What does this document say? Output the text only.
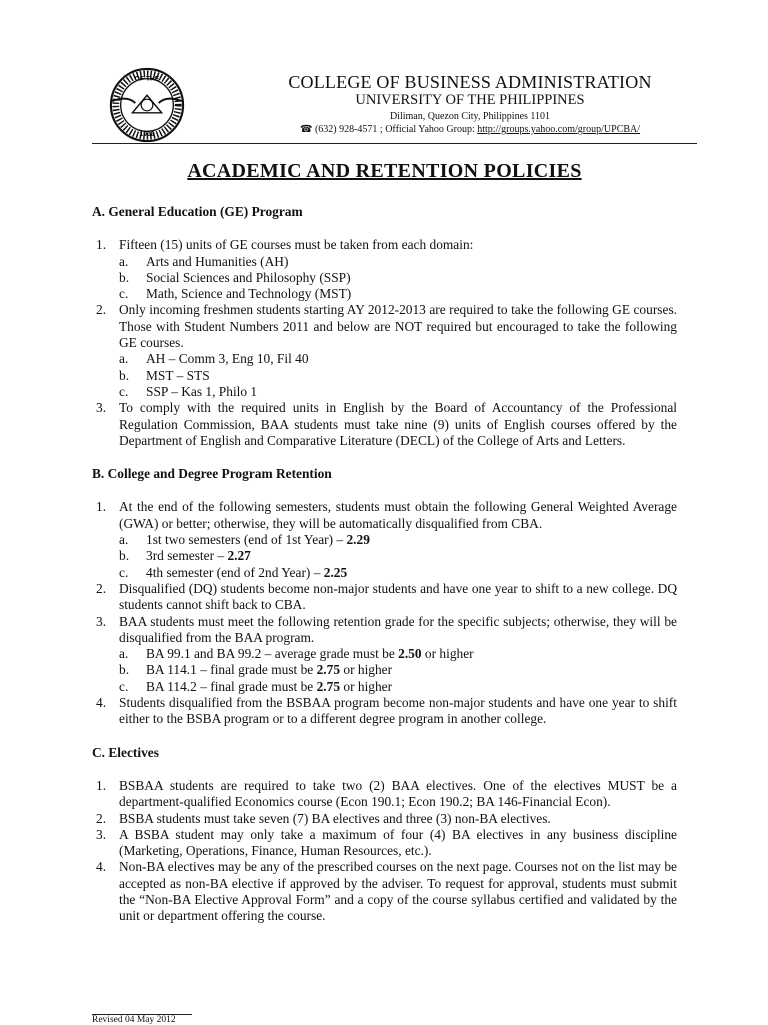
OF THE
1908
COLLEGE OF BUSINESS ADMINISTRATION
UNIVERSITY OF THE PHILIPPINES
Diliman, Quezon City, Philippines 1101
☎ (632) 928-4571 ; Official Yahoo Group: http://groups.yahoo.com/group/UPCBA/
ACADEMIC AND RETENTION POLICIES

A. General Education (GE) Program

1. Fifteen (15) units of GE courses must be taken from each domain:
a. Arts and Humanities (AH)
b. Social Sciences and Philosophy (SSP)
c. Math, Science and Technology (MST)
2. Only incoming freshmen students starting AY 2012-2013 are required to take the following GE courses. Those with Student Numbers 2011 and below are NOT required but encouraged to take the following GE courses.
a. AH – Comm 3, Eng 10, Fil 40
b. MST – STS
c. SSP – Kas 1, Philo 1
3. To comply with the required units in English by the Board of Accountancy of the Professional Regulation Commission, BAA students must take nine (9) units of English courses offered by the Department of English and Comparative Literature (DECL) of the College of Arts and Letters.

B. College and Degree Program Retention

1. At the end of the following semesters, students must obtain the following General Weighted Average (GWA) or better; otherwise, they will be automatically disqualified from CBA.
a. 1st two semesters (end of 1st Year) – 2.29
b. 3rd semester – 2.27
c. 4th semester (end of 2nd Year) – 2.25
2. Disqualified (DQ) students become non-major students and have one year to shift to a new college. DQ students cannot shift back to CBA.
3. BAA students must meet the following retention grade for the specific subjects; otherwise, they will be disqualified from the BAA program.
a. BA 99.1 and BA 99.2 – average grade must be 2.50 or higher
b. BA 114.1 – final grade must be 2.75 or higher
c. BA 114.2 – final grade must be 2.75 or higher
4. Students disqualified from the BSBAA program become non-major students and have one year to shift either to the BSBA program or to a different degree program in another college.

C. Electives

1. BSBAA students are required to take two (2) BAA electives. One of the electives MUST be a department-qualified Economics course (Econ 190.1; Econ 190.2; BA 146-Financial Econ).
2. BSBA students must take seven (7) BA electives and three (3) non-BA electives.
3. A BSBA student may only take a maximum of four (4) BA electives in any business discipline (Marketing, Operations, Finance, Human Resources, etc.).
4. Non-BA electives may be any of the prescribed courses on the next page. Courses not on the list may be accepted as non-BA elective if approved by the adviser. To request for approval, students must submit the “Non-BA Elective Approval Form” and a copy of the course syllabus certified and validated by the unit or department offering the course.
Revised 04 May 2012
